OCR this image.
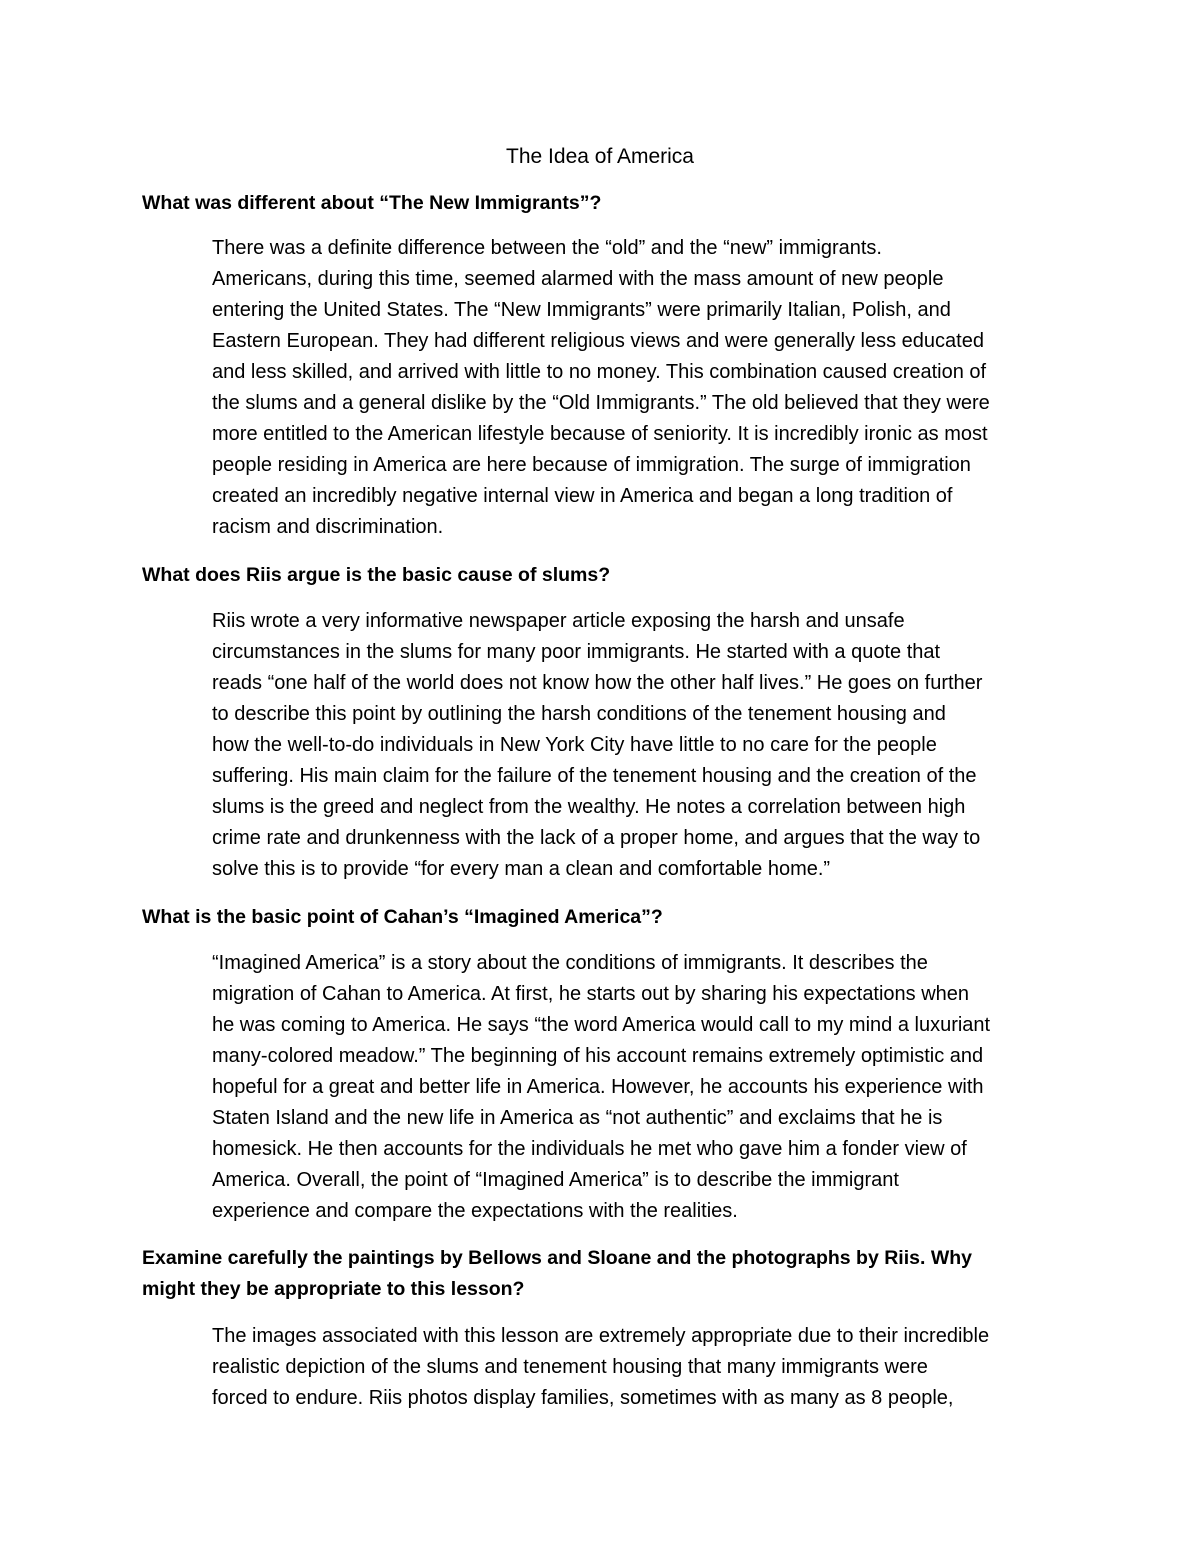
The Idea of America
What was different about “The New Immigrants”?
There was a definite difference between the “old” and the “new” immigrants.
Americans, during this time, seemed alarmed with the mass amount of new people
entering the United States. The “New Immigrants” were primarily Italian, Polish, and
Eastern European. They had different religious views and were generally less educated
and less skilled, and arrived with little to no money. This combination caused creation of
the slums and a general dislike by the “Old Immigrants.” The old believed that they were
more entitled to the American lifestyle because of seniority. It is incredibly ironic as most
people residing in America are here because of immigration. The surge of immigration
created an incredibly negative internal view in America and began a long tradition of
racism and discrimination.
What does Riis argue is the basic cause of slums?
Riis wrote a very informative newspaper article exposing the harsh and unsafe
circumstances in the slums for many poor immigrants. He started with a quote that
reads “one half of the world does not know how the other half lives.” He goes on further
to describe this point by outlining the harsh conditions of the tenement housing and
how the well-to-do individuals in New York City have little to no care for the people
suffering. His main claim for the failure of the tenement housing and the creation of the
slums is the greed and neglect from the wealthy. He notes a correlation between high
crime rate and drunkenness with the lack of a proper home, and argues that the way to
solve this is to provide “for every man a clean and comfortable home.”
What is the basic point of Cahan’s “Imagined America”?
“Imagined America” is a story about the conditions of immigrants. It describes the
migration of Cahan to America. At first, he starts out by sharing his expectations when
he was coming to America. He says “the word America would call to my mind a luxuriant
many-colored meadow.” The beginning of his account remains extremely optimistic and
hopeful for a great and better life in America. However, he accounts his experience with
Staten Island and the new life in America as “not authentic” and exclaims that he is
homesick. He then accounts for the individuals he met who gave him a fonder view of
America. Overall, the point of “Imagined America” is to describe the immigrant
experience and compare the expectations with the realities.
Examine carefully the paintings by Bellows and Sloane and the photographs by Riis. Why
might they be appropriate to this lesson?
The images associated with this lesson are extremely appropriate due to their incredible
realistic depiction of the slums and tenement housing that many immigrants were
forced to endure. Riis photos display families, sometimes with as many as 8 people,
